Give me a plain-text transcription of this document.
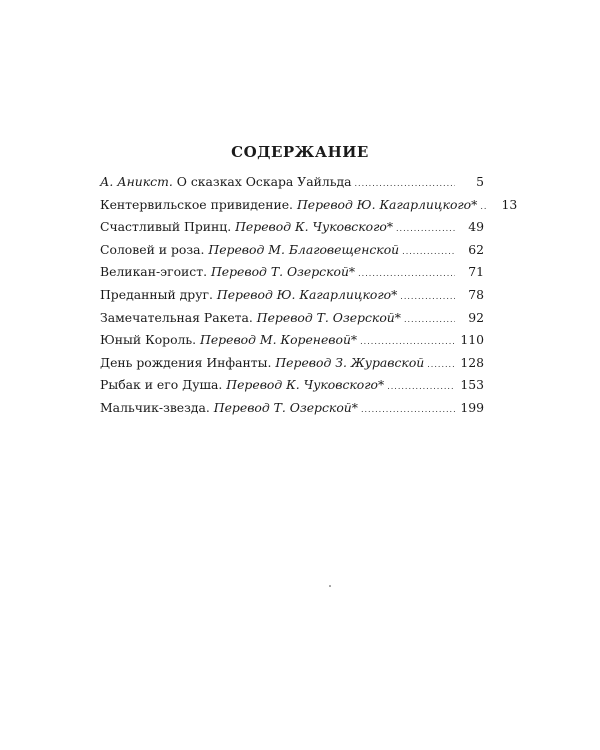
СОДЕРЖАНИЕ
А. Аникст. О сказках Оскара Уайльда .....	5
Кентервильское привидение. Перевод Ю. Кагарлицкого* .....	13
Счастливый Принц. Перевод К. Чуковского* .....	49
Соловей и роза. Перевод М. Благовещенской .....	62
Великан-эгоист. Перевод Т. Озерской* .....	71
Преданный друг. Перевод Ю. Кагарлицкого* .....	78
Замечательная Ракета. Перевод Т. Озерской* .....	92
Юный Король. Перевод М. Кореневой* .....	110
День рождения Инфанты. Перевод З. Журавской .....	128
Рыбак и его Душа. Перевод К. Чуковского* .....	153
Мальчик-звезда. Перевод Т. Озерской* .....	199
